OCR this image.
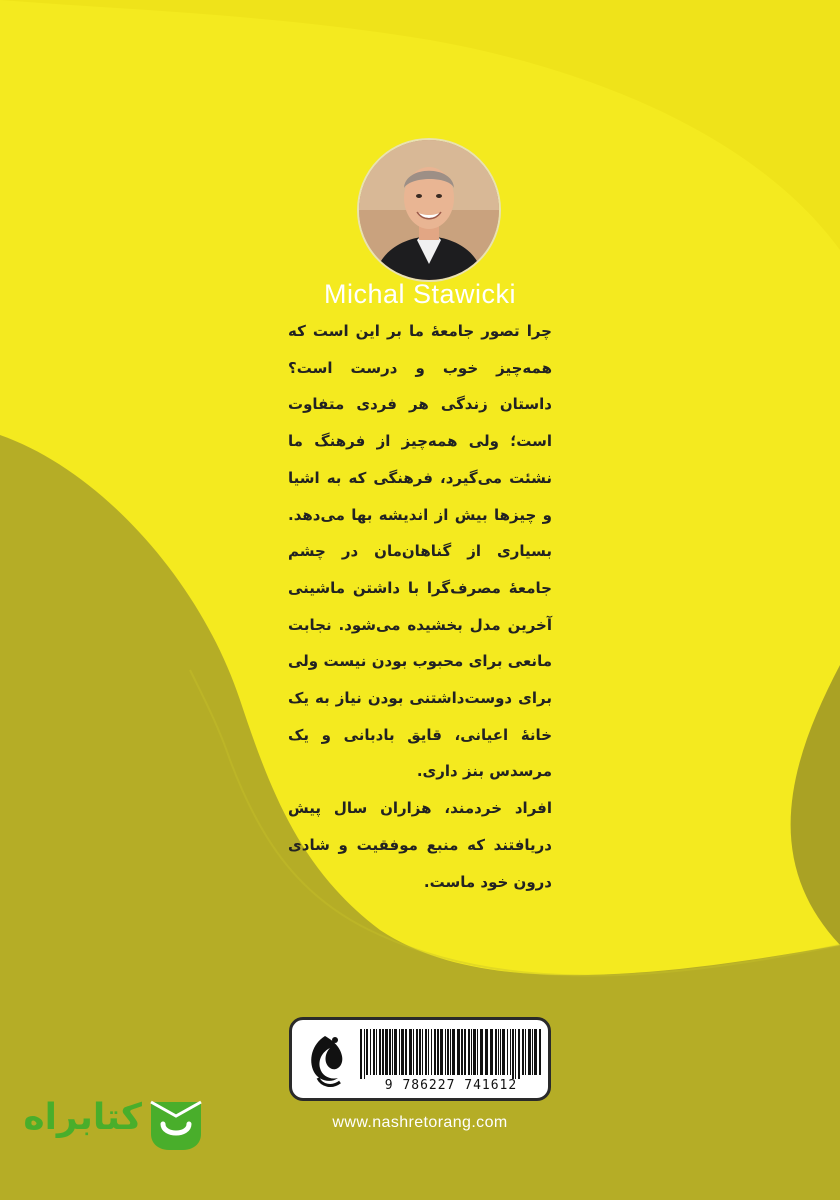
Michal Stawicki
چرا تصور جامعهٔ ما بر این است که همه‌چیز خوب و درست است؟ داستان زندگی هر فردی متفاوت است؛ ولی همه‌چیز از فرهنگ ما نشئت می‌گیرد، فرهنگی که به اشیا و چیزها بیش از اندیشه بها می‌دهد. بسیاری از گناهان‌مان در چشم جامعهٔ مصرف‌گرا با داشتن ماشینی آخرین مدل بخشیده می‌شود. نجابت مانعی برای محبوب بودن نیست ولی برای دوست‌داشتنی بودن نیاز به یک خانهٔ اعیانی، قایق بادبانی و یک مرسدس بنز داری.
افراد خردمند، هزاران سال پیش دریافتند که منبع موفقیت و شادی درون خود ماست.
9 786227 741612
www.nashretorang.com
کتابراه
